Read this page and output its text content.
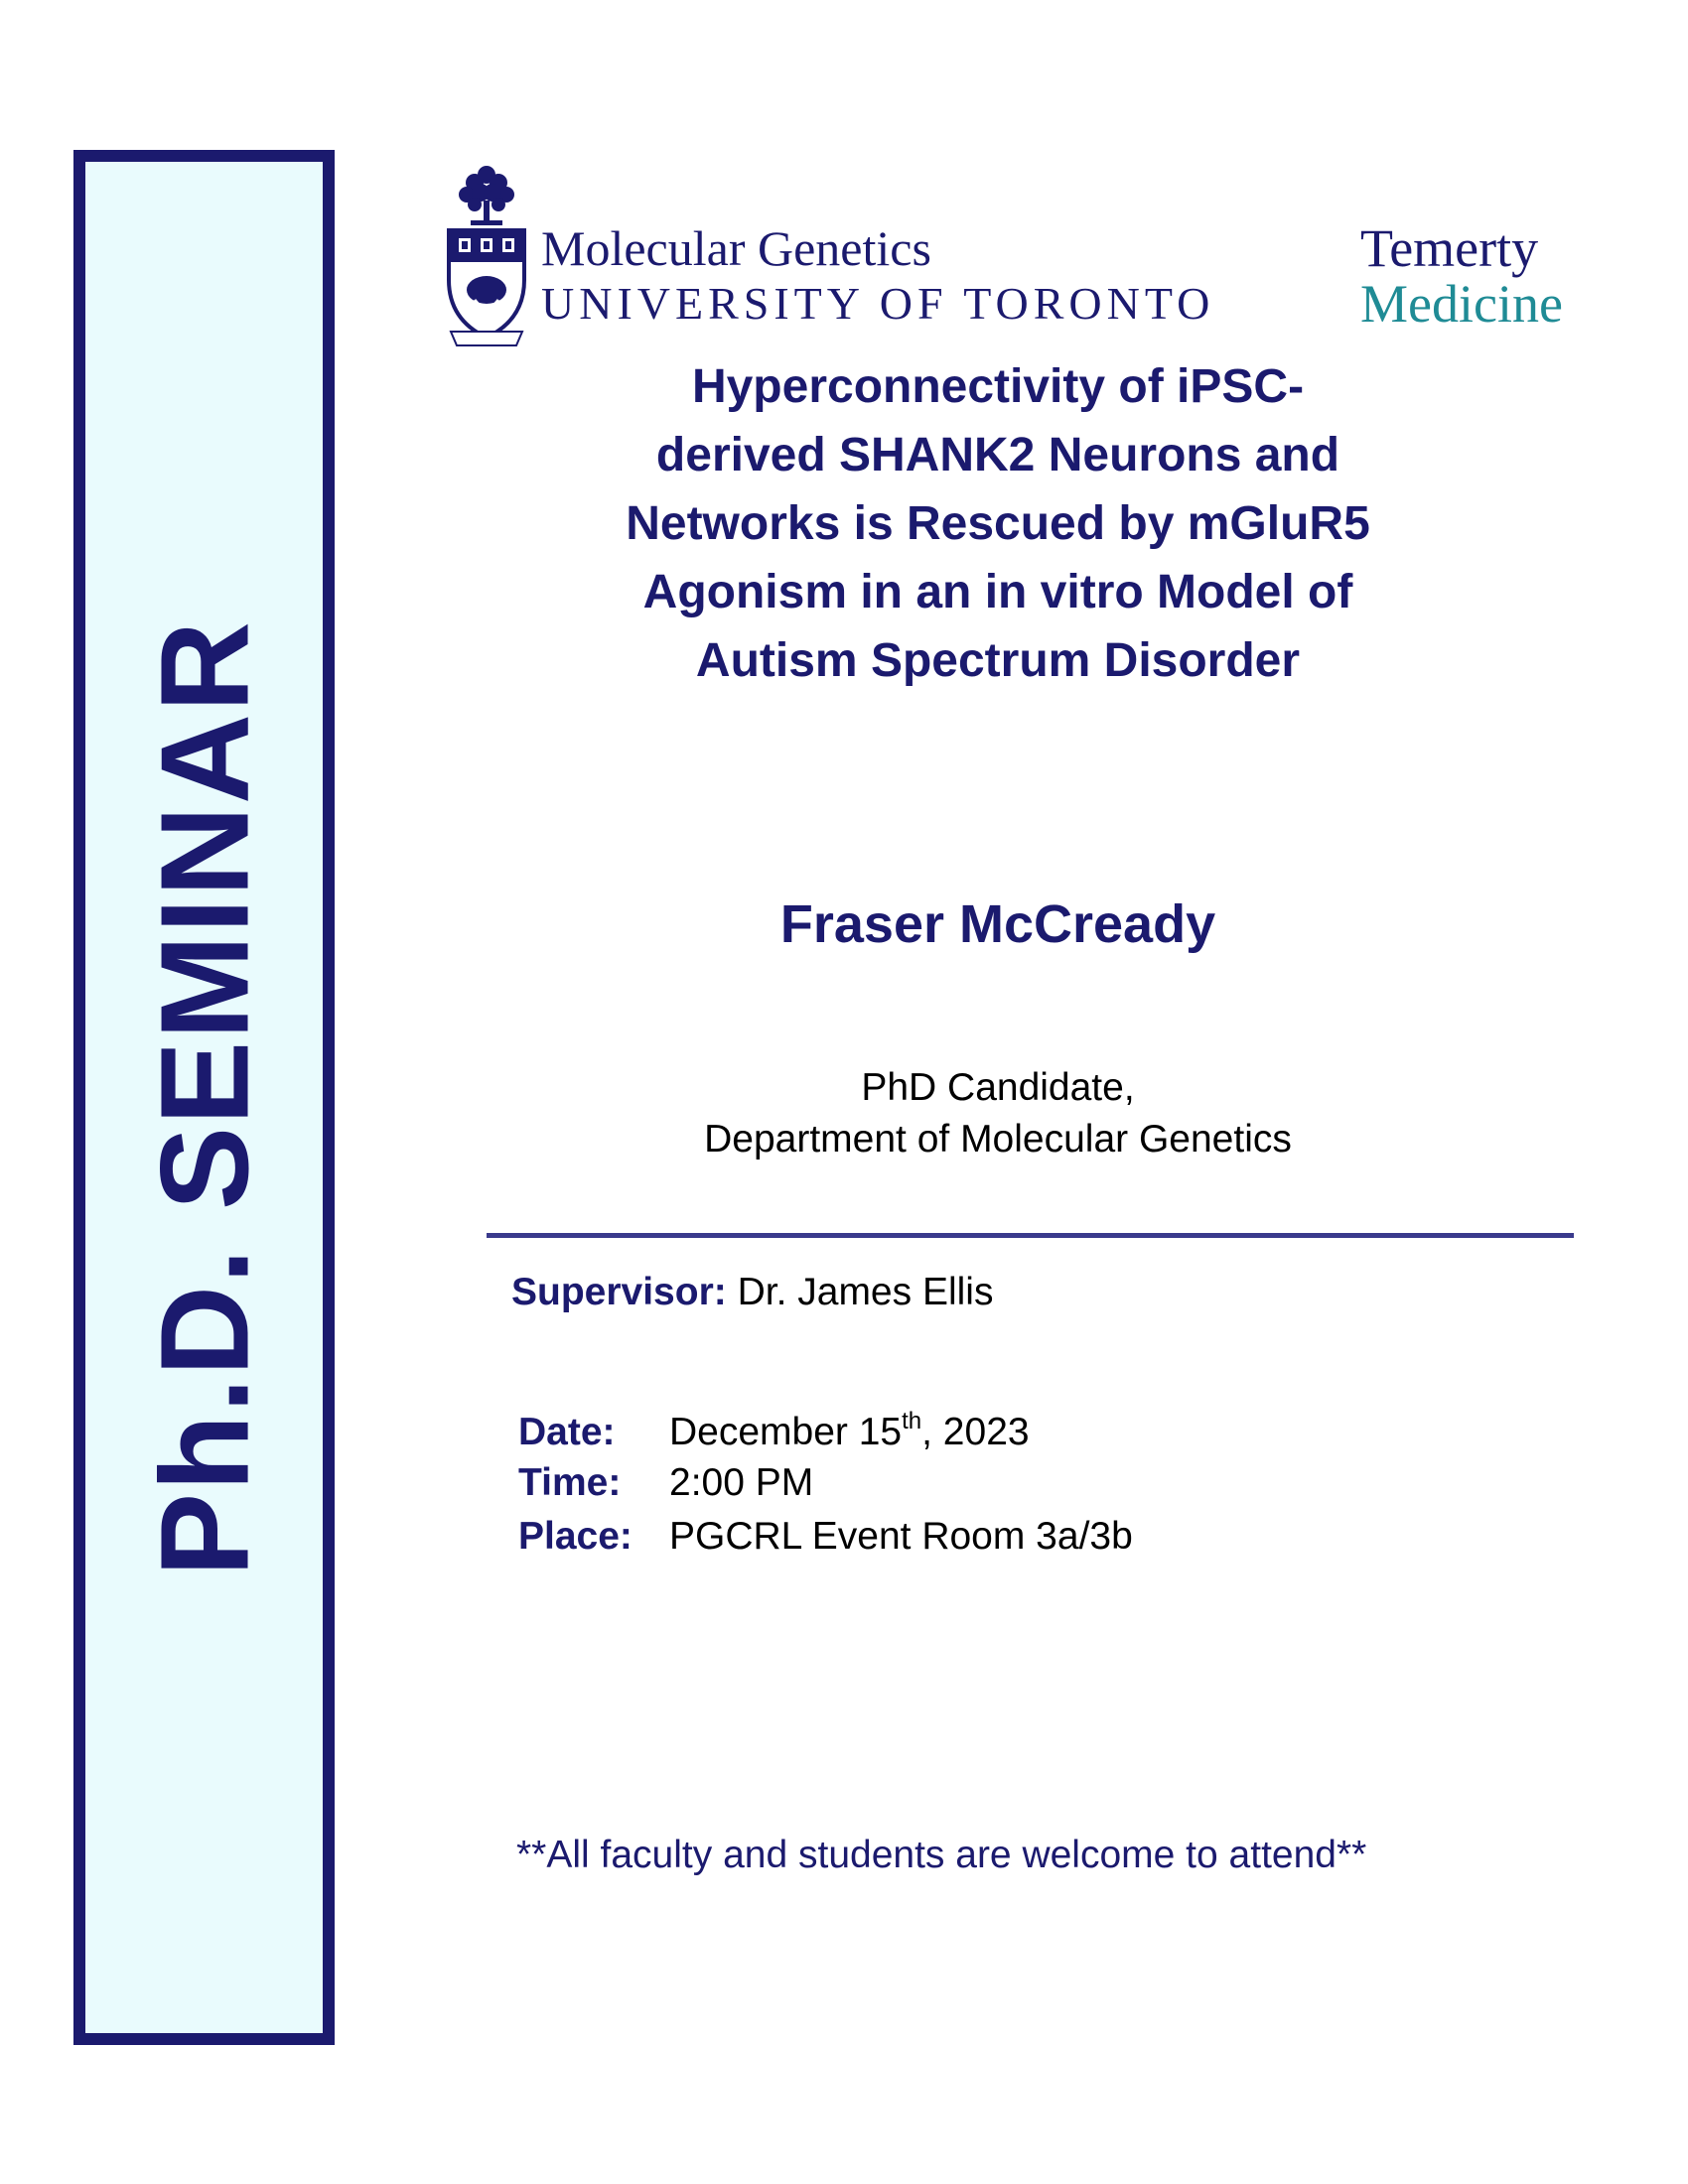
Ph.D. SEMINAR
Molecular Genetics
UNIVERSITY OF TORONTO
Temerty
Medicine
Hyperconnectivity of iPSC-
derived SHANK2 Neurons and
Networks is Rescued by mGluR5
Agonism in an in vitro Model of
Autism Spectrum Disorder
Fraser McCready
PhD Candidate,
Department of Molecular Genetics
Supervisor: Dr. James Ellis
Date:	December 15th, 2023
Time:	2:00 PM
Place: PGCRL Event Room 3a/3b
**All faculty and students are welcome to attend**
